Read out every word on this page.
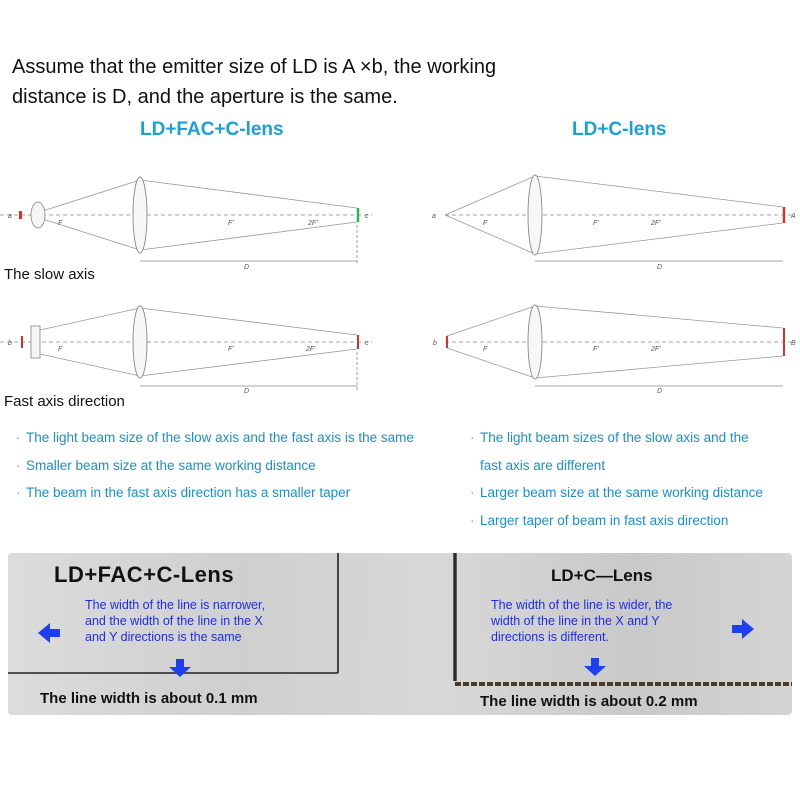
Assume that the emitter size of LD is A ×b, the working
distance is D, and the aperture is the same.
LD+FAC+C-lens	LD+C-lens
F	F'	2F'
D
a	c
The slow axis
F	F'	2F'
D
a	A
F	F'	2F'
D
b	c
Fast axis direction
F	F'	2F'
D
b	B
· The light beam size of the slow axis and the fast axis is the same
· Smaller beam size at the same working distance
· The beam in the fast axis direction has a smaller taper
· The light beam sizes of the slow axis and the
fast axis are different
· Larger beam size at the same working distance
· Larger taper of beam in fast axis direction
LD+FAC+C-Lens
The width of the line is narrower,
and the width of the line in the X
and Y directions is the same
The line width is about 0.1 mm
LD+C—Lens
The width of the line is wider, the
width of the line in the X and Y
directions is different.
The line width is about 0.2 mm
